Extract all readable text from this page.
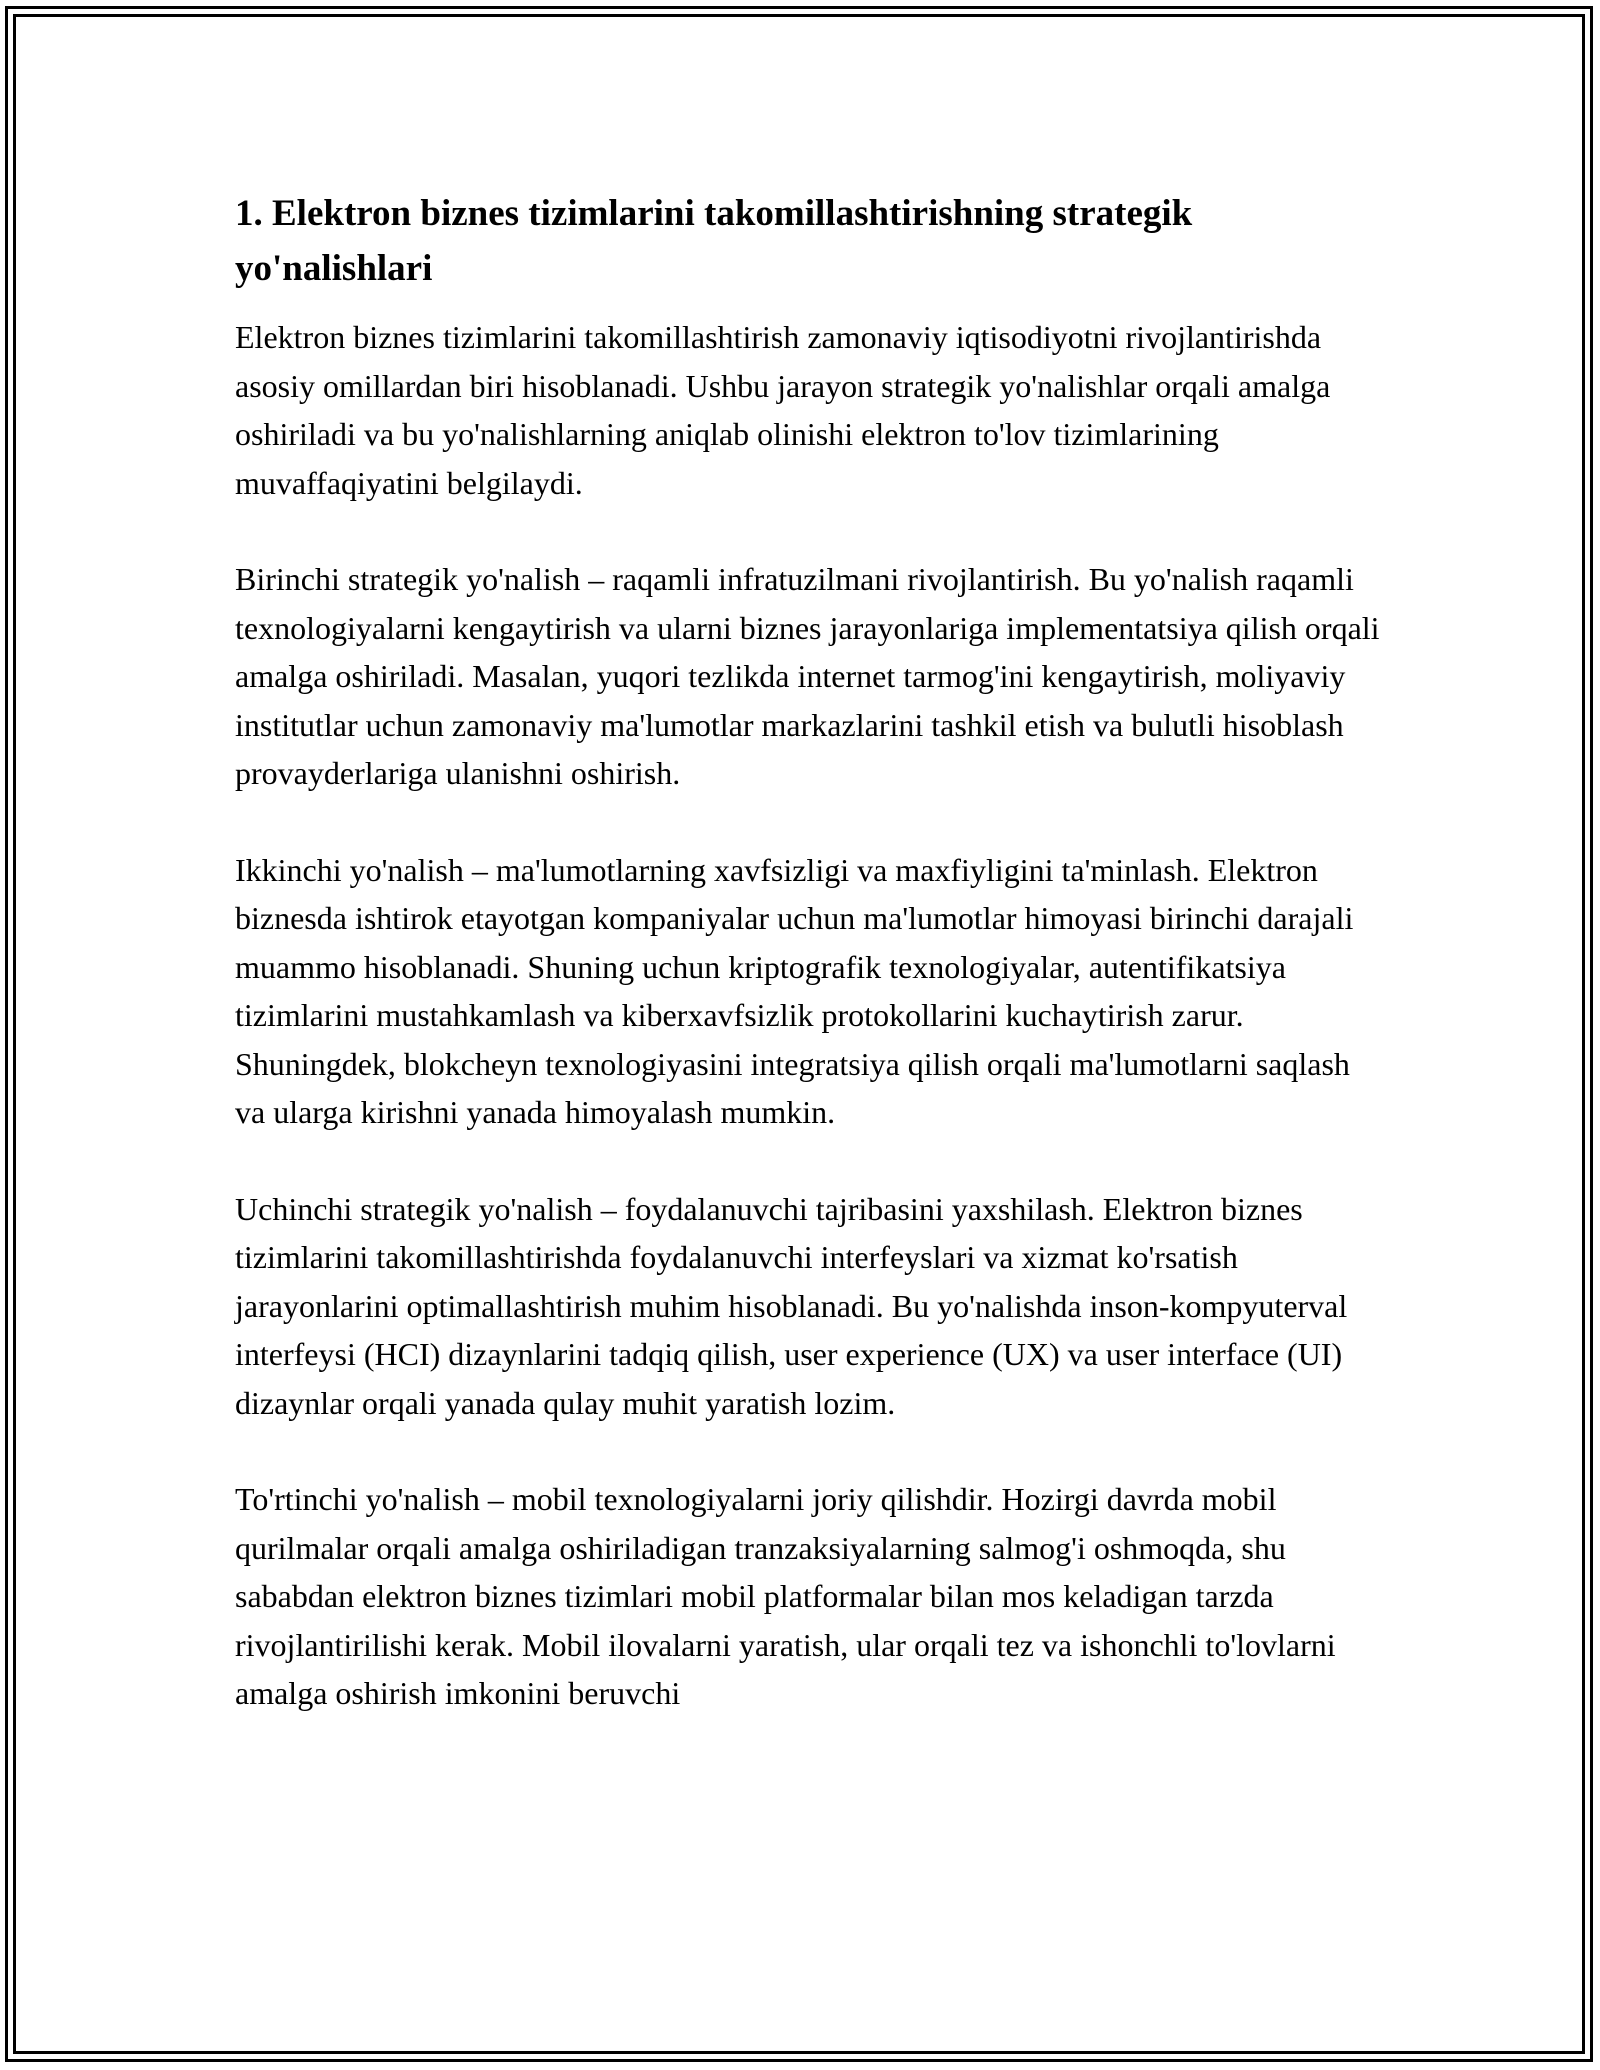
1. Elektron biznes tizimlarini takomillashtirishning strategik yo'nalishlari

Elektron biznes tizimlarini takomillashtirish zamonaviy iqtisodiyotni rivojlantirishda asosiy omillardan biri hisoblanadi. Ushbu jarayon strategik yo'nalishlar orqali amalga oshiriladi va bu yo'nalishlarning aniqlab olinishi elektron to'lov tizimlarining muvaffaqiyatini belgilaydi.

Birinchi strategik yo'nalish – raqamli infratuzilmani rivojlantirish. Bu yo'nalish raqamli texnologiyalarni kengaytirish va ularni biznes jarayonlariga implementatsiya qilish orqali amalga oshiriladi. Masalan, yuqori tezlikda internet tarmog'ini kengaytirish, moliyaviy institutlar uchun zamonaviy ma'lumotlar markazlarini tashkil etish va bulutli hisoblash provayderlariga ulanishni oshirish.

Ikkinchi yo'nalish – ma'lumotlarning xavfsizligi va maxfiyligini ta'minlash. Elektron biznesda ishtirok etayotgan kompaniyalar uchun ma'lumotlar himoyasi birinchi darajali muammo hisoblanadi. Shuning uchun kriptografik texnologiyalar, autentifikatsiya tizimlarini mustahkamlash va kiberxavfsizlik protokollarini kuchaytirish zarur. Shuningdek, blokcheyn texnologiyasini integratsiya qilish orqali ma'lumotlarni saqlash va ularga kirishni yanada himoyalash mumkin.

Uchinchi strategik yo'nalish – foydalanuvchi tajribasini yaxshilash. Elektron biznes tizimlarini takomillashtirishda foydalanuvchi interfeyslari va xizmat ko'rsatish jarayonlarini optimallashtirish muhim hisoblanadi. Bu yo'nalishda inson-kompyuterval interfeysi (HCI) dizaynlarini tadqiq qilish, user experience (UX) va user interface (UI) dizaynlar orqali yanada qulay muhit yaratish lozim.

To'rtinchi yo'nalish – mobil texnologiyalarni joriy qilishdir. Hozirgi davrda mobil qurilmalar orqali amalga oshiriladigan tranzaksiyalarning salmog'i oshmoqda, shu sababdan elektron biznes tizimlari mobil platformalar bilan mos keladigan tarzda rivojlantirilishi kerak. Mobil ilovalarni yaratish, ular orqali tez va ishonchli to'lovlarni amalga oshirish imkonini beruvchi
